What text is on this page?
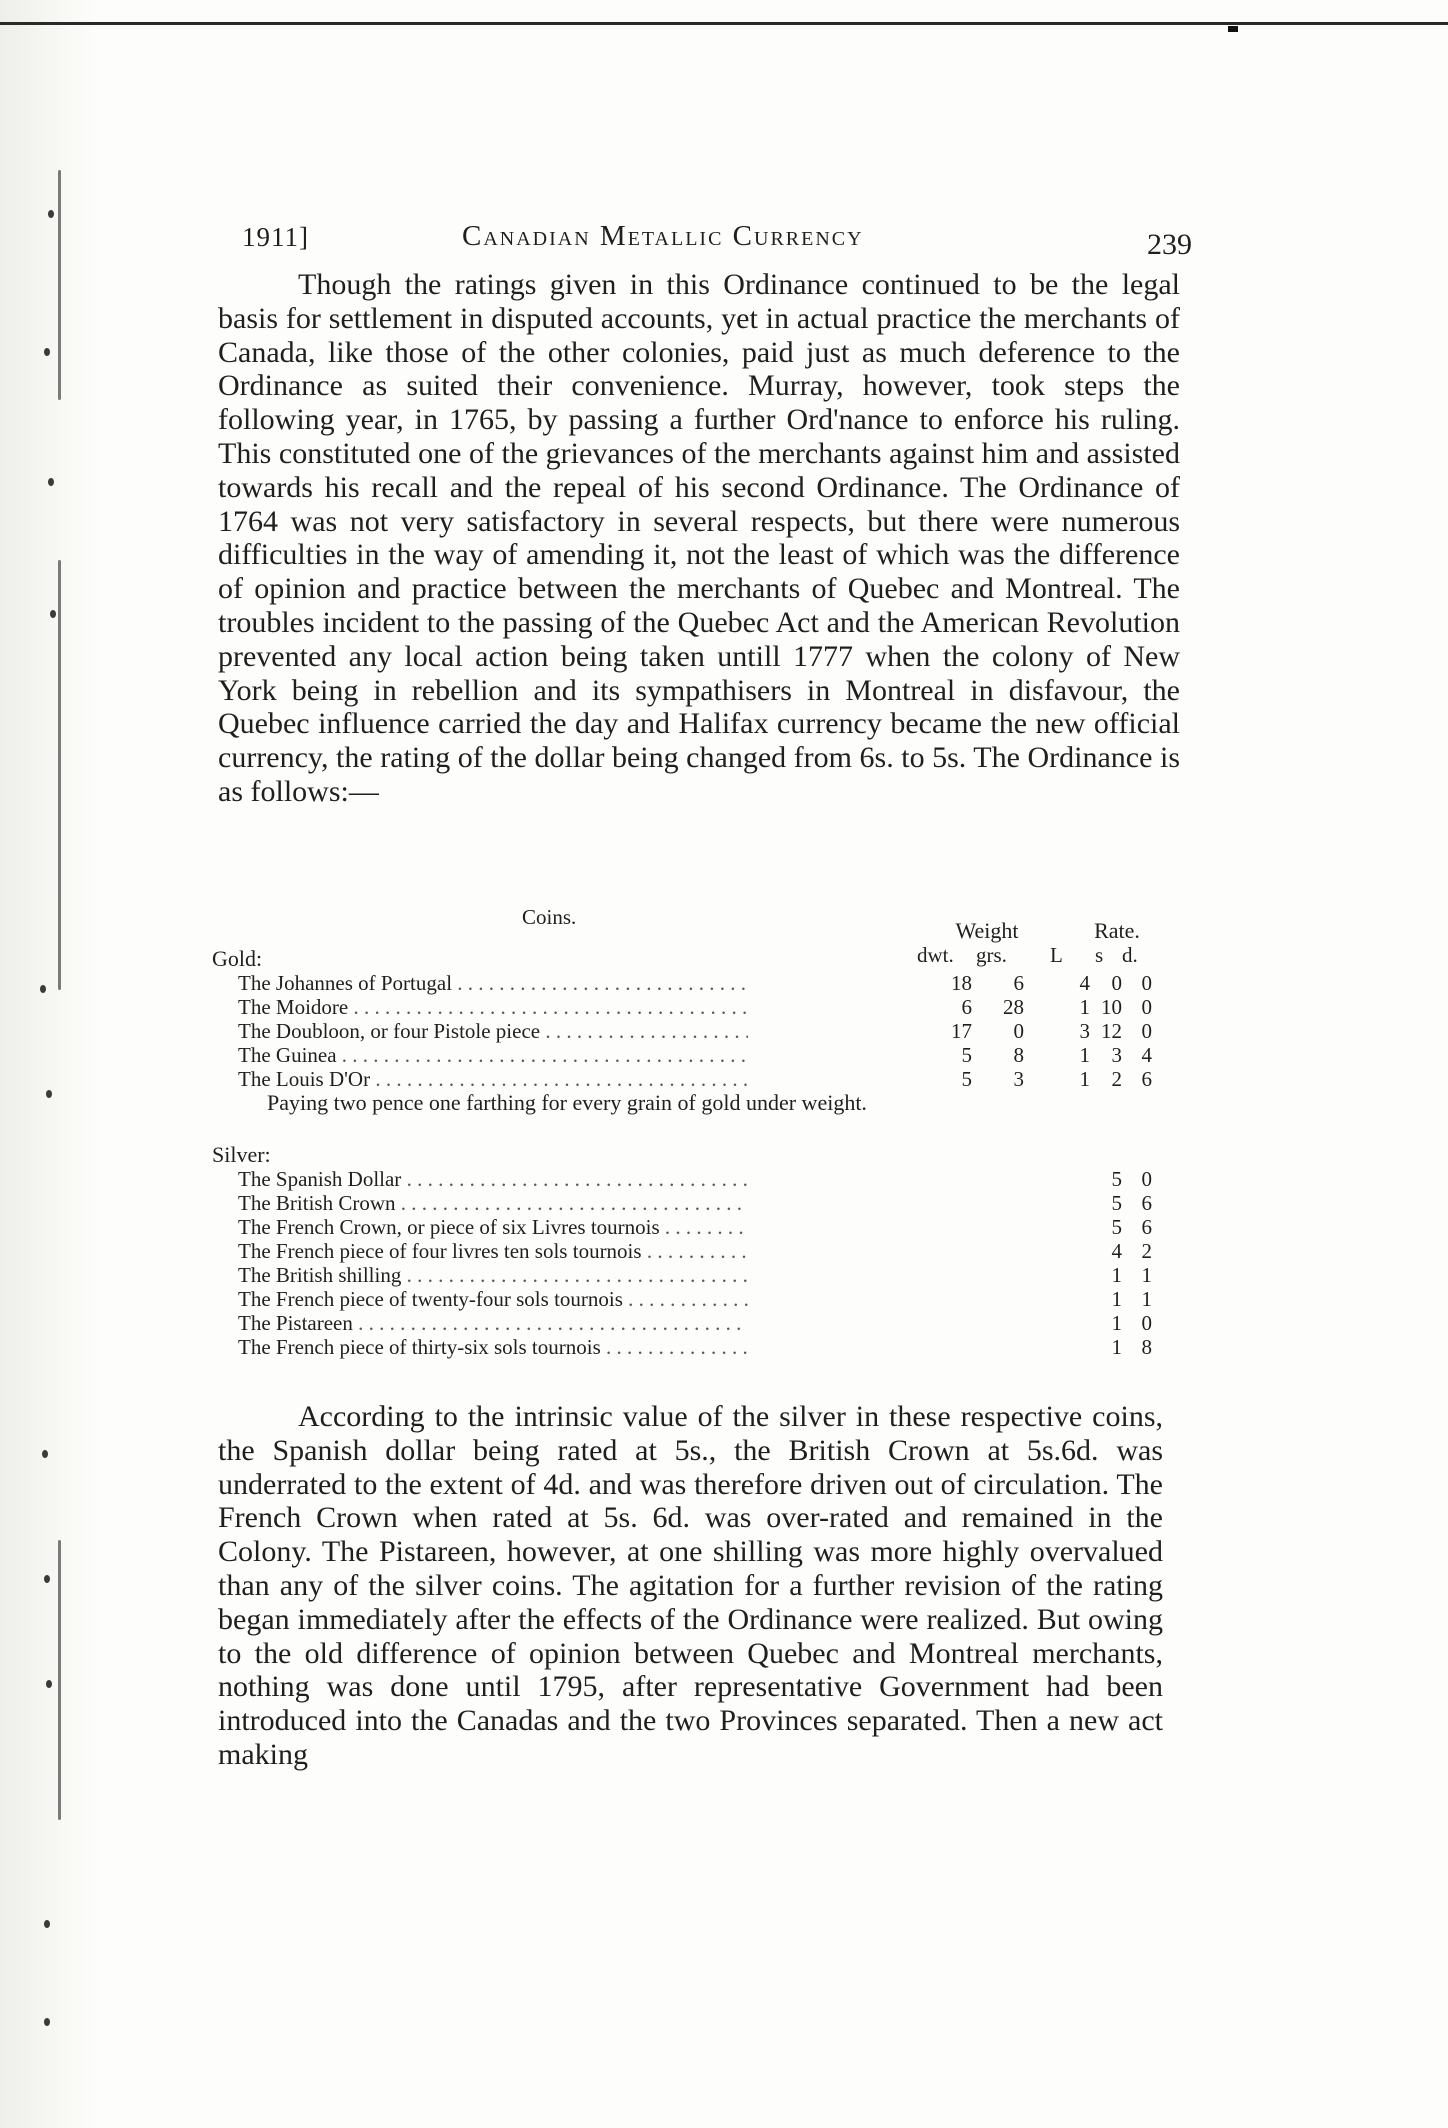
1911]	Canadian Metallic Currency	239

Though the ratings given in this Ordinance continued to be the legal basis for settlement in disputed accounts, yet in actual practice the merchants of Canada, like those of the other colonies, paid just as much deference to the Ordinance as suited their convenience. Murray, however, took steps the following year, in 1765, by passing a further Ord'nance to enforce his ruling. This constituted one of the grievances of the merchants against him and assisted towards his recall and the repeal of his second Ordinance. The Ordinance of 1764 was not very satisfactory in several respects, but there were numerous difficulties in the way of amending it, not the least of which was the difference of opinion and practice between the merchants of Quebec and Montreal. The troubles incident to the passing of the Quebec Act and the American Revolution prevented any local action being taken untill 1777 when the colony of New York being in rebellion and its sympathisers in Montreal in disfavour, the Quebec influence carried the day and Halifax currency became the new official currency, the rating of the dollar being changed from 6s. to 5s. The Ordinance is as follows:—

Coins.
Weight	Rate.
dwt. grs. L s d.
Gold:
The Johannes of Portugal . . .	18	6	4	0 0
The Moidore . . .	6	28	1 10 0
The Doubloon, or four Pistole piece . . .	17	0	3 12 0
The Guinea . . .	5	8	1	3 4
The Louis D'Or . . .	5	3	1	2 6
Paying two pence one farthing for every grain of gold under weight.
Silver:
The Spanish Dollar . . .	5 0
The British Crown . . .	5 6
The French Crown, or piece of six Livres tournois . . .	5 6
The French piece of four livres ten sols tournois . . .	4 2
The British shilling . . .	1 1
The French piece of twenty-four sols tournois . . .	1 1
The Pistareen . . .	1 0
The French piece of thirty-six sols tournois . . .	1 8

According to the intrinsic value of the silver in these respective coins, the Spanish dollar being rated at 5s., the British Crown at 5s.6d. was underrated to the extent of 4d. and was therefore driven out of circulation. The French Crown when rated at 5s. 6d. was over-rated and remained in the Colony. The Pistareen, however, at one shilling was more highly overvalued than any of the silver coins. The agitation for a further revision of the rating began immediately after the effects of the Ordinance were realized. But owing to the old difference of opinion between Quebec and Montreal merchants, nothing was done until 1795, after representative Government had been introduced into the Canadas and the two Provinces separated. Then a new act making
